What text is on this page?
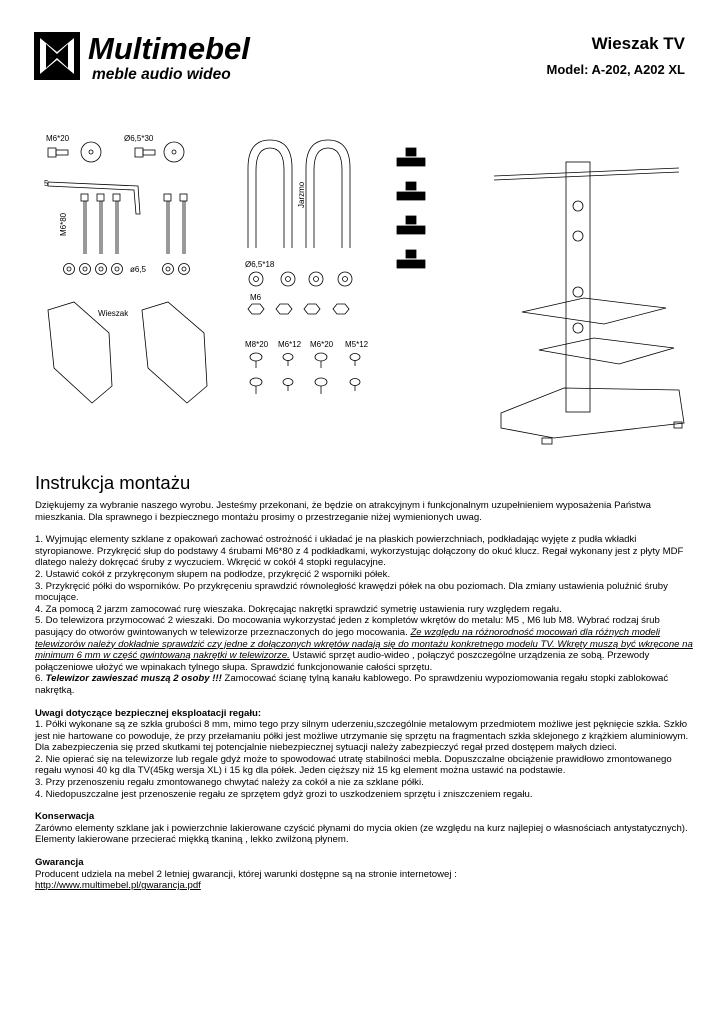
Multimebel
meble audio wideo
Wieszak TV
Model: A-202, A202 XL
M6*20	Ø6,5*30
5
M6*80
ø6,5
Jarzmo
Ø6,5*18
M6
Wieszak
M8*20 M6*12 M6*20 M5*12
Instrukcja montażu

Dziękujemy za wybranie naszego wyrobu. Jesteśmy przekonani, że będzie on atrakcyjnym i funkcjonalnym uzupełnieniem wyposażenia Państwa mieszkania. Dla sprawnego i bezpiecznego montażu prosimy o przestrzeganie niżej wymienionych uwag.

1. Wyjmując elementy szklane z opakowań zachować ostrożność i układać je na płaskich powierzchniach, podkładając wyjęte z pudła wkładki styropianowe. Przykręcić słup do podstawy 4 śrubami M6*80 z 4 podkładkami, wykorzystując dołączony do okuć klucz. Regał wykonany jest z płyty MDF dlatego należy dokręcać śruby z wyczuciem. Wkręcić w cokół 4 stopki regulacyjne.

2. Ustawić cokół z przykręconym słupem na podłodze, przykręcić 2 wsporniki półek.

3. Przykręcić półki do wsporników. Po przykręceniu sprawdzić równoległość krawędzi półek na obu poziomach. Dla zmiany ustawienia poluźnić śruby mocujące.

4. Za pomocą 2 jarzm zamocować rurę wieszaka. Dokręcając nakrętki sprawdzić symetrię ustawienia rury względem regału.

5. Do telewizora przymocować 2 wieszaki. Do mocowania wykorzystać jeden z kompletów wkrętów do metalu: M5 , M6 lub M8. Wybrać rodzaj śrub pasujący do otworów gwintowanych w telewizorze przeznaczonych do jego mocowania. Ze względu na różnorodność mocowań dla różnych modeli telewizorów należy dokładnie sprawdzić czy jedne z dołączonych wkrętów nadają się do montażu konkretnego modelu TV. Wkręty muszą być wkręcone na minimum 6 mm w część gwintowaną nakrętki w telewizorze. Ustawić sprzęt audio-wideo , połączyć poszczególne urządzenia ze sobą. Przewody połączeniowe ułożyć we wpinakach tylnego słupa. Sprawdzić funkcjonowanie całości sprzętu.

6. Telewizor zawieszać muszą 2 osoby !!! Zamocować ścianę tylną kanału kablowego. Po sprawdzeniu wypoziomowania regału stopki zablokować nakrętką.

Uwagi dotyczące bezpiecznej eksploatacji regału:

1. Półki wykonane są ze szkła grubości 8 mm, mimo tego przy silnym uderzeniu,szczególnie metalowym przedmiotem możliwe jest pęknięcie szkła. Szkło jest nie hartowane co powoduje, że przy przełamaniu półki jest możliwe utrzymanie się sprzętu na fragmentach szkła sklejonego z krążkiem aluminiowym. Dla zabezpieczenia się przed skutkami tej potencjalnie niebezpiecznej sytuacji należy zabezpieczyć regał przed dostępem małych dzieci.

2. Nie opierać się na telewizorze lub regale gdyż może to spowodować utratę stabilności mebla. Dopuszczalne obciążenie prawidłowo zmontowanego regału wynosi 40 kg dla TV(45kg wersja XL) i 15 kg dla półek. Jeden cięższy niż 15 kg element można ustawić na podstawie.

3. Przy przenoszeniu regału zmontowanego chwytać należy za cokół a nie za szklane półki.

4. Niedopuszczalne jest przenoszenie regału ze sprzętem gdyż grozi to uszkodzeniem sprzętu i zniszczeniem regału.

Konserwacja

Zarówno elementy szklane jak i powierzchnie lakierowane czyścić płynami do mycia okien (ze względu na kurz najlepiej o własnościach antystatycznych). Elementy lakierowane przecierać miękką tkaniną , lekko zwilżoną płynem.

Gwarancja

Producent udziela na mebel 2 letniej gwarancji, której warunki dostępne są na stronie internetowej :

http://www.multimebel.pl/gwarancja.pdf
